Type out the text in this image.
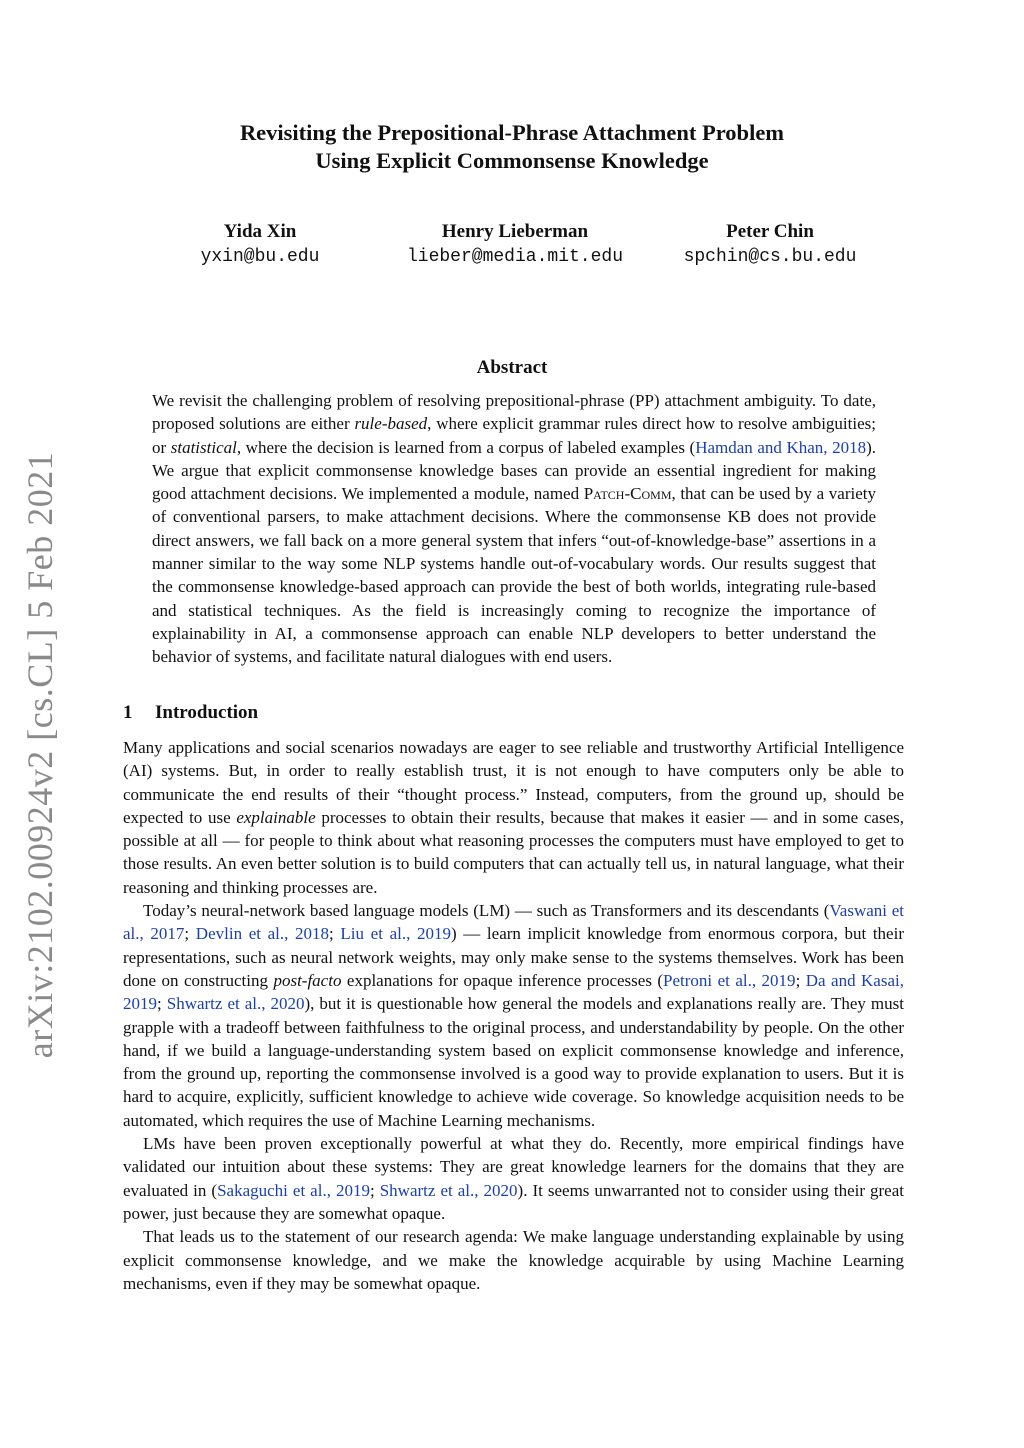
arXiv:2102.00924v2 [cs.CL] 5 Feb 2021
Revisiting the Prepositional-Phrase Attachment Problem
Using Explicit Commonsense Knowledge
Yida Xin
yxin@bu.edu
Henry Lieberman
lieber@media.mit.edu
Peter Chin
spchin@cs.bu.edu
Abstract

We revisit the challenging problem of resolving prepositional-phrase (PP) attachment ambiguity. To date, proposed solutions are either rule-based, where explicit grammar rules direct how to resolve ambiguities; or statistical, where the decision is learned from a corpus of labeled examples (Hamdan and Khan, 2018). We argue that explicit commonsense knowledge bases can provide an essential ingredient for making good attachment decisions. We implemented a module, named Patch-Comm, that can be used by a variety of conventional parsers, to make attachment decisions. Where the commonsense KB does not provide direct answers, we fall back on a more general system that infers “out-of-knowledge-base” assertions in a manner similar to the way some NLP systems handle out-of-vocabulary words. Our results suggest that the commonsense knowledge-based approach can provide the best of both worlds, integrating rule-based and statistical techniques. As the field is increasingly coming to recognize the importance of explainability in AI, a commonsense approach can enable NLP developers to better understand the behavior of systems, and facilitate natural dialogues with end users.

1 Introduction

Many applications and social scenarios nowadays are eager to see reliable and trustworthy Artificial Intelligence (AI) systems. But, in order to really establish trust, it is not enough to have computers only be able to communicate the end results of their “thought process.” Instead, computers, from the ground up, should be expected to use explainable processes to obtain their results, because that makes it easier — and in some cases, possible at all — for people to think about what reasoning processes the computers must have employed to get to those results. An even better solution is to build computers that can actually tell us, in natural language, what their reasoning and thinking processes are.

Today’s neural-network based language models (LM) — such as Transformers and its descendants (Vaswani et al., 2017; Devlin et al., 2018; Liu et al., 2019) — learn implicit knowledge from enormous corpora, but their representations, such as neural network weights, may only make sense to the systems themselves. Work has been done on constructing post-facto explanations for opaque inference processes (Petroni et al., 2019; Da and Kasai, 2019; Shwartz et al., 2020), but it is questionable how general the models and explanations really are. They must grapple with a tradeoff between faithfulness to the original process, and understandability by people. On the other hand, if we build a language-understanding system based on explicit commonsense knowledge and inference, from the ground up, reporting the commonsense involved is a good way to provide explanation to users. But it is hard to acquire, explicitly, sufficient knowledge to achieve wide coverage. So knowledge acquisition needs to be automated, which requires the use of Machine Learning mechanisms.

LMs have been proven exceptionally powerful at what they do. Recently, more empirical findings have validated our intuition about these systems: They are great knowledge learners for the domains that they are evaluated in (Sakaguchi et al., 2019; Shwartz et al., 2020). It seems unwarranted not to consider using their great power, just because they are somewhat opaque.

That leads us to the statement of our research agenda: We make language understanding explainable by using explicit commonsense knowledge, and we make the knowledge acquirable by using Machine Learning mechanisms, even if they may be somewhat opaque.
